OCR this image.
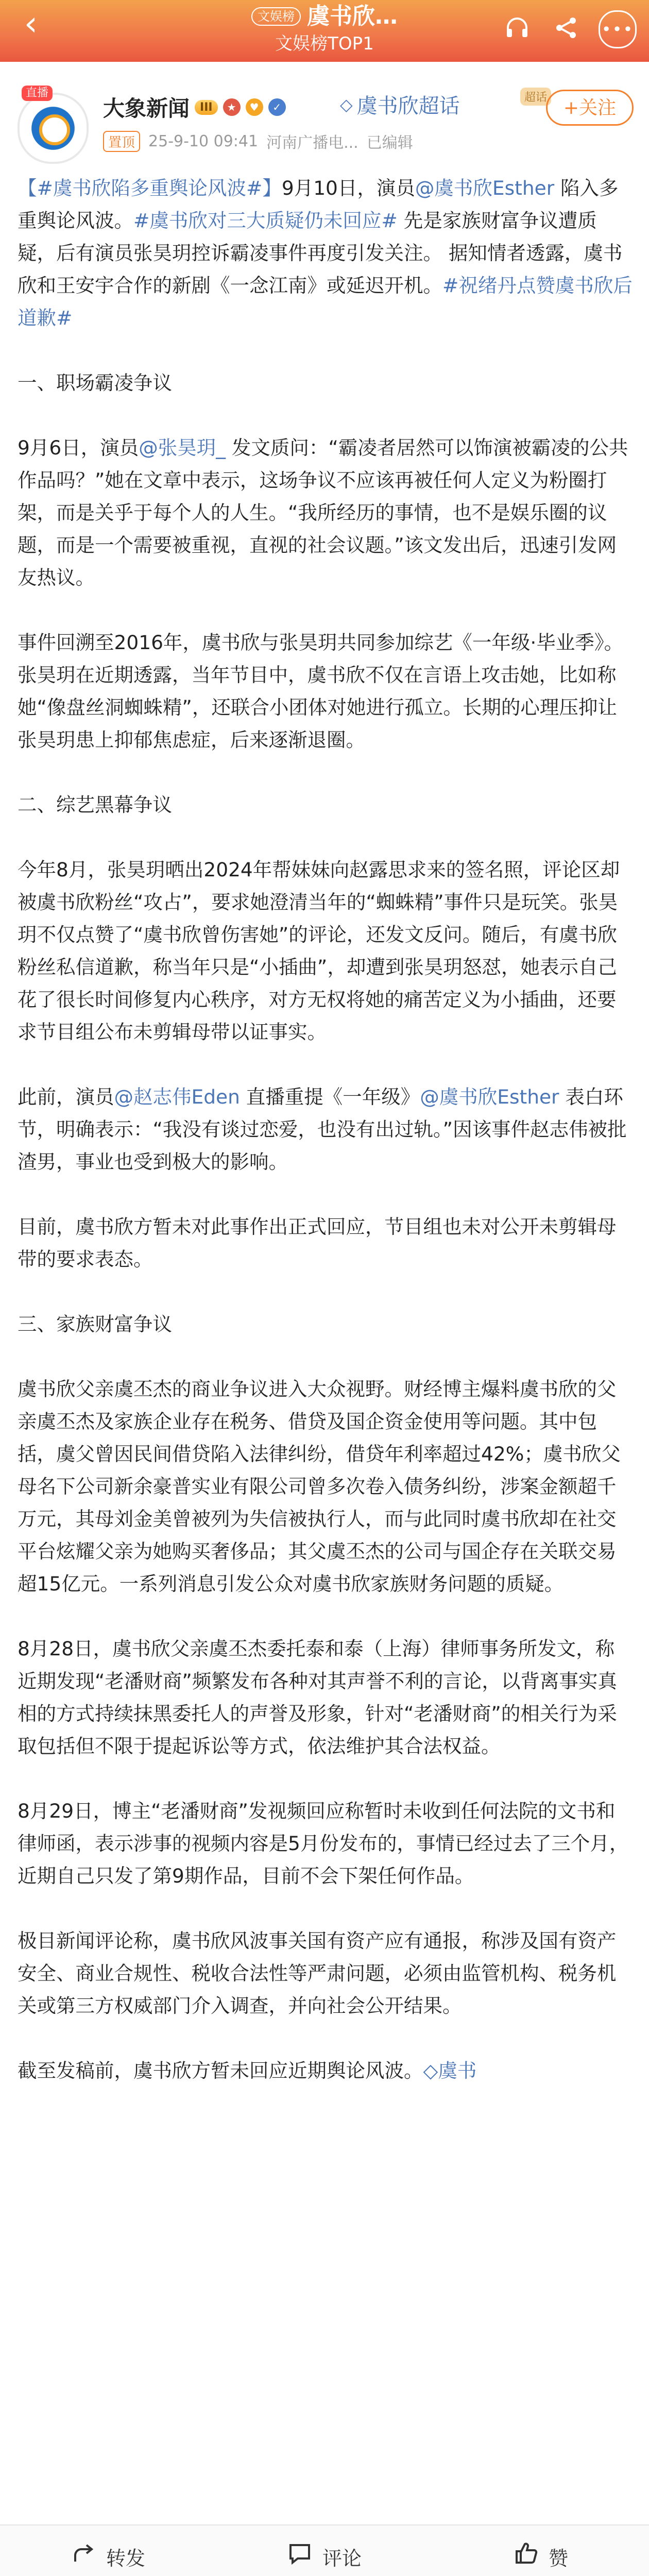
‹	文娱榜 虞书欣…
文娱榜TOP1
•••
直播
大象新闻 III	★	♥	✓	◇ 虞书欣超话	超话 +关注
置顶 25-9-10 09:41 河南广播电... 已编辑

【#虞书欣陷多重舆论风波#】9月10日，演员@虞书欣Esther 陷入多重舆论风波。#虞书欣对三大质疑仍未回应# 先是家族财富争议遭质疑，后有演员张昊玥控诉霸凌事件再度引发关注。 据知情者透露，虞书欣和王安宇合作的新剧《一念江南》或延迟开机。#祝绪丹点赞虞书欣后道歉#

一、职场霸凌争议

9月6日，演员@张昊玥_ 发文质问：“霸凌者居然可以饰演被霸凌的公共作品吗？”她在文章中表示，这场争议不应该再被任何人定义为粉圈打架，而是关乎于每个人的人生。“我所经历的事情，也不是娱乐圈的议题，而是一个需要被重视，直视的社会议题。”该文发出后，迅速引发网友热议。

事件回溯至2016年，虞书欣与张昊玥共同参加综艺《一年级·毕业季》。张昊玥在近期透露，当年节目中，虞书欣不仅在言语上攻击她，比如称她“像盘丝洞蜘蛛精”，还联合小团体对她进行孤立。长期的心理压抑让张昊玥患上抑郁焦虑症，后来逐渐退圈。

二、综艺黑幕争议

今年8月，张昊玥晒出2024年帮妹妹向赵露思求来的签名照，评论区却被虞书欣粉丝“攻占”，要求她澄清当年的“蜘蛛精”事件只是玩笑。张昊玥不仅点赞了“虞书欣曾伤害她”的评论，还发文反问。随后，有虞书欣粉丝私信道歉，称当年只是“小插曲”，却遭到张昊玥怒怼，她表示自己花了很长时间修复内心秩序，对方无权将她的痛苦定义为小插曲，还要求节目组公布未剪辑母带以证事实。

此前，演员@赵志伟Eden 直播重提《一年级》@虞书欣Esther 表白环节，明确表示：“我没有谈过恋爱，也没有出过轨。”因该事件赵志伟被批渣男，事业也受到极大的影响。

目前，虞书欣方暂未对此事作出正式回应，节目组也未对公开未剪辑母带的要求表态。

三、家族财富争议

虞书欣父亲虞丕杰的商业争议进入大众视野。财经博主爆料虞书欣的父亲虞丕杰及家族企业存在税务、借贷及国企资金使用等问题。其中包括，虞父曾因民间借贷陷入法律纠纷，借贷年利率超过42%；虞书欣父母名下公司新余豪普实业有限公司曾多次卷入债务纠纷，涉案金额超千万元，其母刘金美曾被列为失信被执行人，而与此同时虞书欣却在社交平台炫耀父亲为她购买奢侈品；其父虞丕杰的公司与国企存在关联交易超15亿元。一系列消息引发公众对虞书欣家族财务问题的质疑。

8月28日，虞书欣父亲虞丕杰委托泰和泰（上海）律师事务所发文，称近期发现“老潘财商”频繁发布各种对其声誉不利的言论，以背离事实真相的方式持续抹黑委托人的声誉及形象，针对“老潘财商”的相关行为采取包括但不限于提起诉讼等方式，依法维护其合法权益。

8月29日，博主“老潘财商”发视频回应称暂时未收到任何法院的文书和律师函，表示涉事的视频内容是5月份发布的，事情已经过去了三个月，近期自己只发了第9期作品，目前不会下架任何作品。

极目新闻评论称，虞书欣风波事关国有资产应有通报，称涉及国有资产安全、商业合规性、税收合法性等严肃问题，必须由监管机构、税务机关或第三方权威部门介入调查，并向社会公开结果。

截至发稿前，虞书欣方暂未回应近期舆论风波。◇虞书

转发	评论	赞
